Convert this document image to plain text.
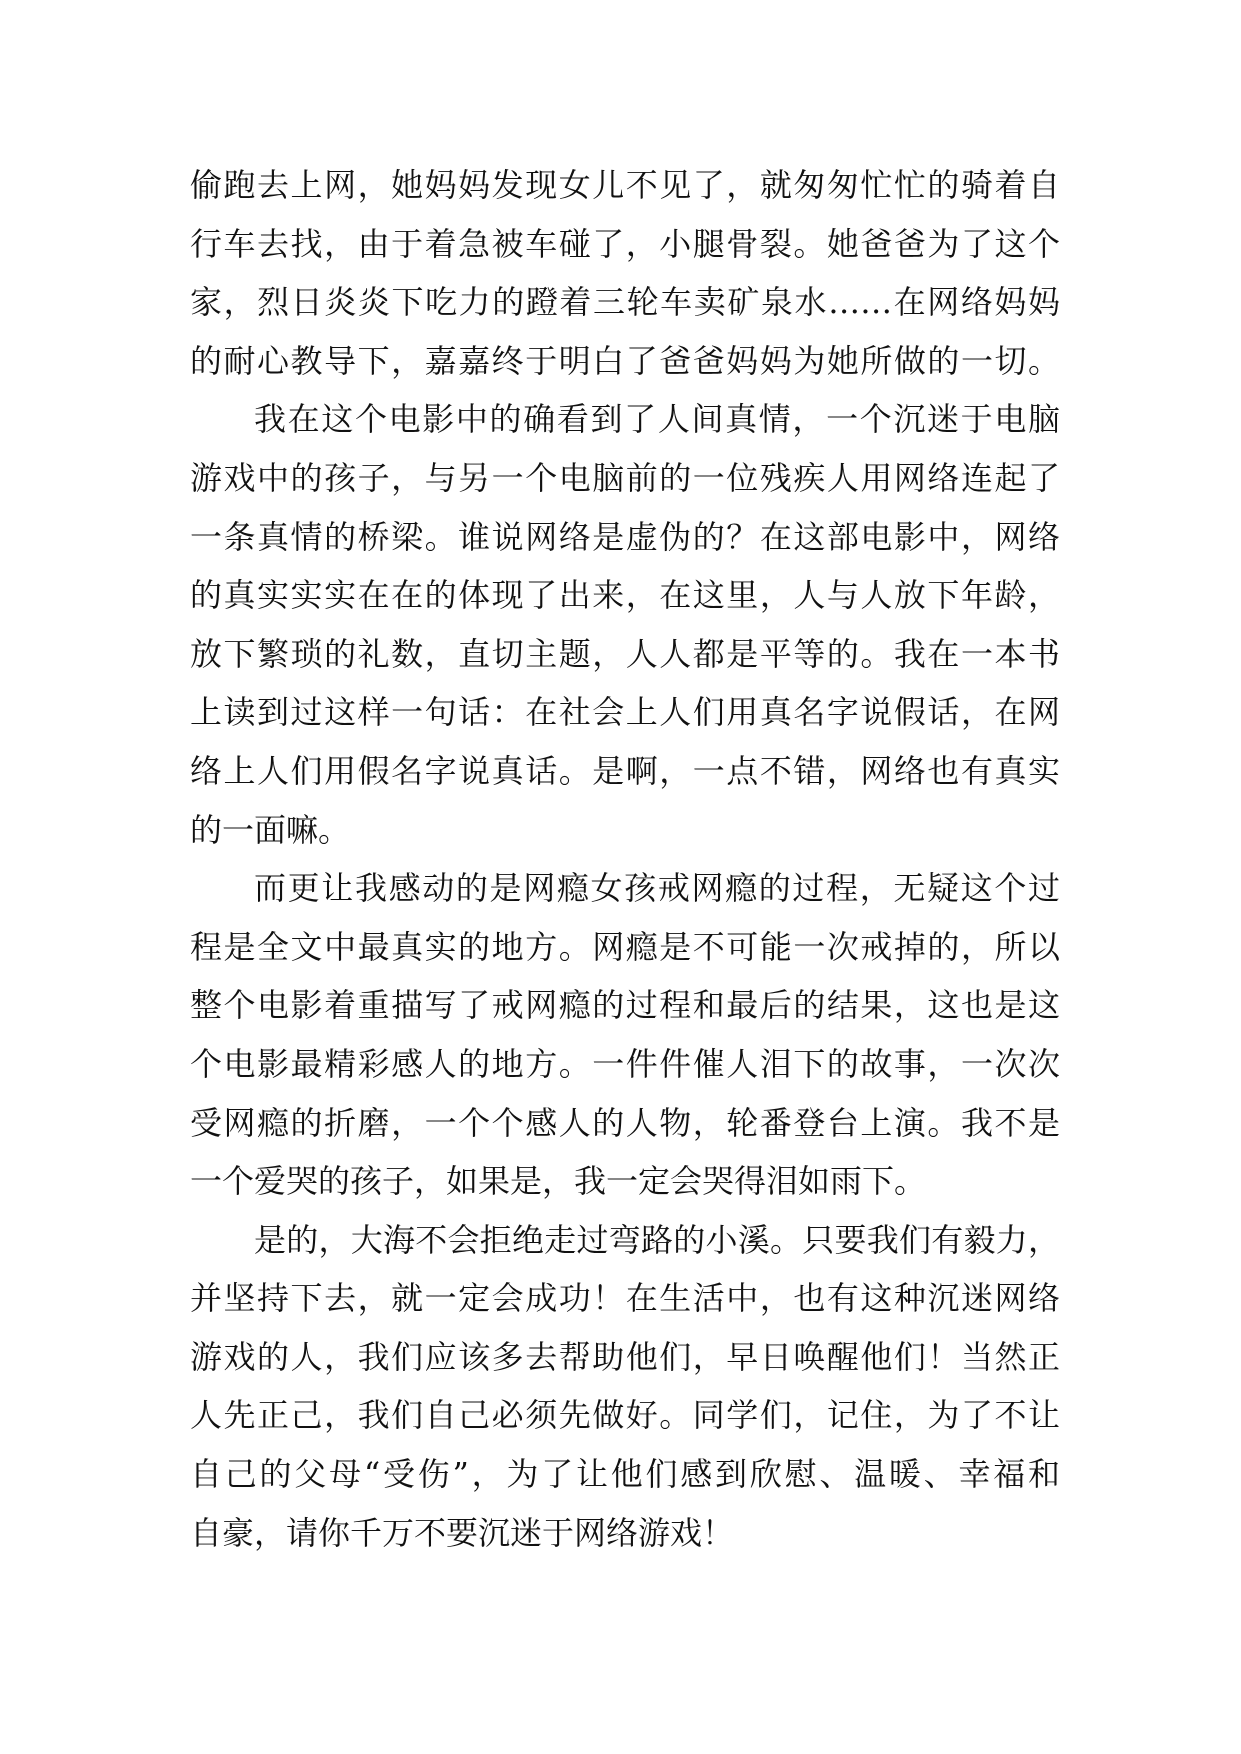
偷跑去上网，她妈妈发现女儿不见了，就匆匆忙忙的骑着自
行车去找，由于着急被车碰了，小腿骨裂。她爸爸为了这个
家，烈日炎炎下吃力的蹬着三轮车卖矿泉水……在网络妈妈
的耐心教导下，嘉嘉终于明白了爸爸妈妈为她所做的一切。
我在这个电影中的确看到了人间真情，一个沉迷于电脑
游戏中的孩子，与另一个电脑前的一位残疾人用网络连起了
一条真情的桥梁。谁说网络是虚伪的？在这部电影中，网络
的真实实实在在的体现了出来，在这里，人与人放下年龄，
放下繁琐的礼数，直切主题，人人都是平等的。我在一本书
上读到过这样一句话：在社会上人们用真名字说假话，在网
络上人们用假名字说真话。是啊，一点不错，网络也有真实
的一面嘛。
而更让我感动的是网瘾女孩戒网瘾的过程，无疑这个过
程是全文中最真实的地方。网瘾是不可能一次戒掉的，所以
整个电影着重描写了戒网瘾的过程和最后的结果，这也是这
个电影最精彩感人的地方。一件件催人泪下的故事，一次次
受网瘾的折磨，一个个感人的人物，轮番登台上演。我不是
一个爱哭的孩子，如果是，我一定会哭得泪如雨下。
是的，大海不会拒绝走过弯路的小溪。只要我们有毅力，
并坚持下去，就一定会成功！在生活中，也有这种沉迷网络
游戏的人，我们应该多去帮助他们，早日唤醒他们！当然正
人先正己，我们自己必须先做好。同学们，记住，为了不让
自己的父母“受伤”，为了让他们感到欣慰、温暖、幸福和
自豪，请你千万不要沉迷于网络游戏！
